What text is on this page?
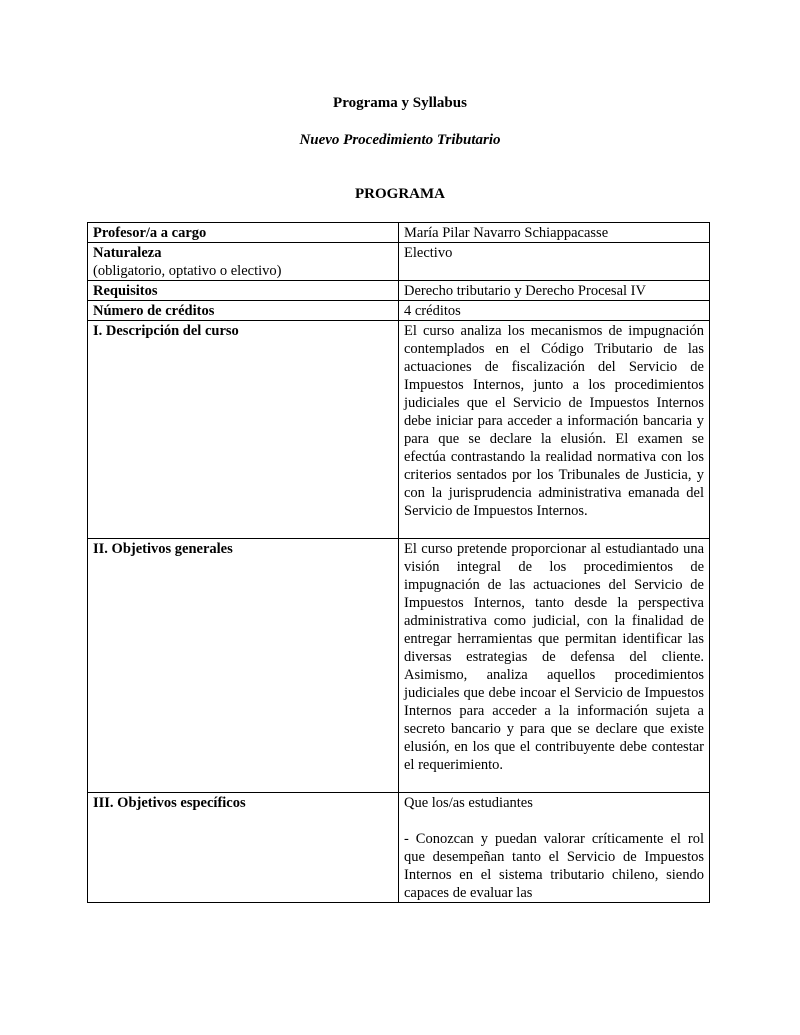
Programa y Syllabus
Nuevo Procedimiento Tributario
PROGRAMA
Profesor/a a cargo	María Pilar Navarro Schiappacasse

Naturaleza
(obligatorio, optativo o electivo)	Electivo
Requisitos	Derecho tributario y Derecho Procesal IV
Número de créditos	4 créditos
I. Descripción del curso	El curso analiza los mecanismos de impugnación contemplados en el Código Tributario de las actuaciones de fiscalización del Servicio de Impuestos Internos, junto a los procedimientos judiciales que el Servicio de Impuestos Internos debe iniciar para acceder a información bancaria y para que se declare la elusión. El examen se efectúa contrastando la realidad normativa con los criterios sentados por los Tribunales de Justicia, y con la jurisprudencia administrativa emanada del Servicio de Impuestos Internos.

II. Objetivos generales	El curso pretende proporcionar al estudiantado una visión integral de los procedimientos de impugnación de las actuaciones del Servicio de Impuestos Internos, tanto desde la perspectiva administrativa como judicial, con la finalidad de entregar herramientas que permitan identificar las diversas estrategias de defensa del cliente. Asimismo, analiza aquellos procedimientos judiciales que debe incoar el Servicio de Impuestos Internos para acceder a la información sujeta a secreto bancario y para que se declare que existe elusión, en los que el contribuyente debe contestar el requerimiento.

III. Objetivos específicos	Que los/as estudiantes
- Conozcan y puedan valorar críticamente el rol que desempeñan tanto el Servicio de Impuestos Internos en el sistema tributario chileno, siendo capaces de evaluar las
